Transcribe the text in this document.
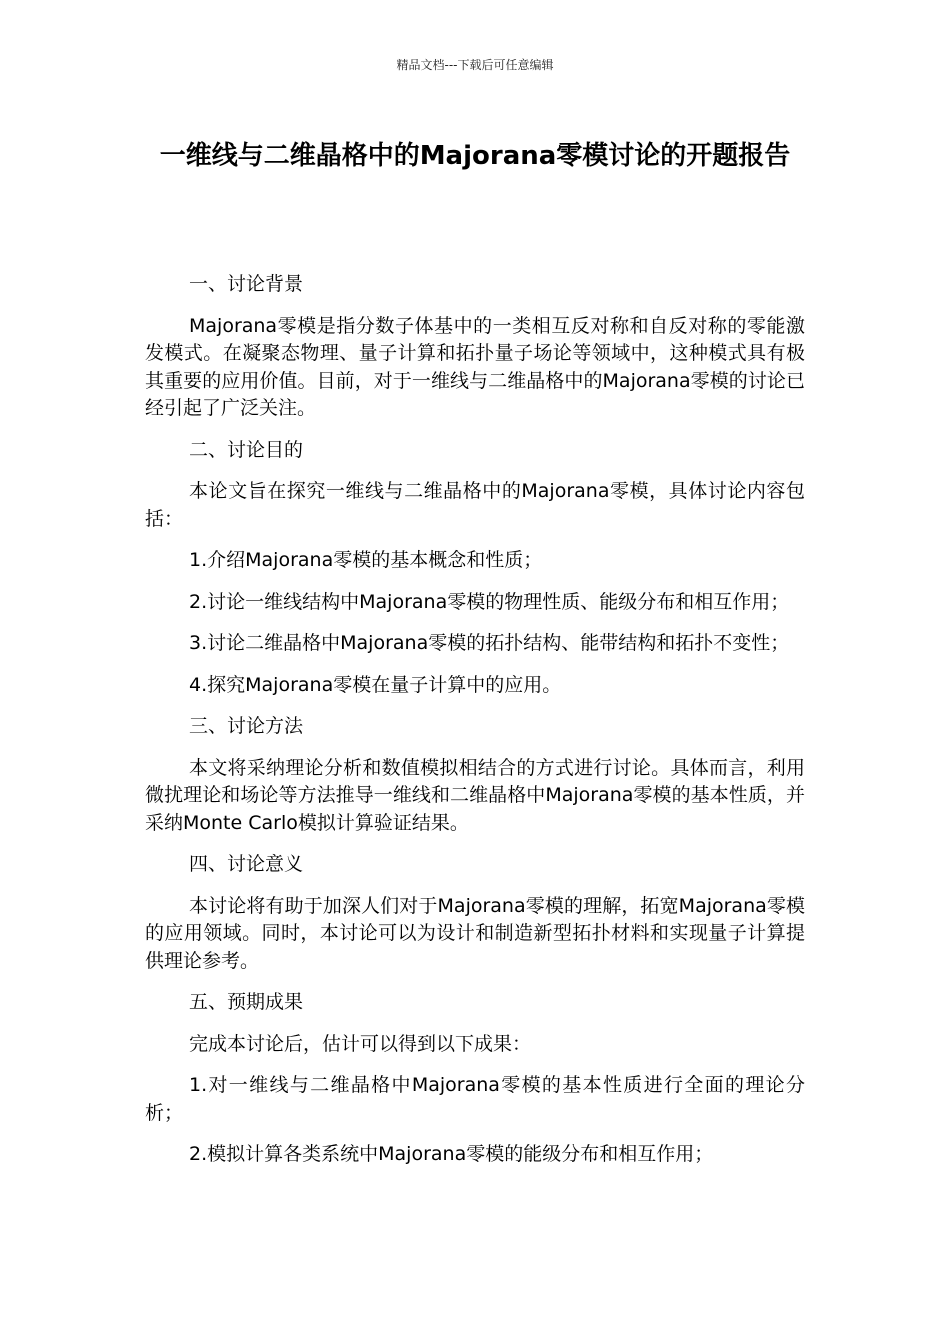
精品文档---下载后可任意编辑
一维线与二维晶格中的Majorana零模讨论的开题报告

一、讨论背景

Majorana零模是指分数子体基中的一类相互反对称和自反对称的零能激发模式。在凝聚态物理、量子计算和拓扑量子场论等领域中，这种模式具有极其重要的应用价值。目前，对于一维线与二维晶格中的Majorana零模的讨论已经引起了广泛关注。

二、讨论目的

本论文旨在探究一维线与二维晶格中的Majorana零模，具体讨论内容包括：

1.介绍Majorana零模的基本概念和性质；

2.讨论一维线结构中Majorana零模的物理性质、能级分布和相互作用；

3.讨论二维晶格中Majorana零模的拓扑结构、能带结构和拓扑不变性；

4.探究Majorana零模在量子计算中的应用。

三、讨论方法

本文将采纳理论分析和数值模拟相结合的方式进行讨论。具体而言，利用微扰理论和场论等方法推导一维线和二维晶格中Majorana零模的基本性质，并采纳Monte Carlo模拟计算验证结果。

四、讨论意义

本讨论将有助于加深人们对于Majorana零模的理解，拓宽Majorana零模的应用领域。同时，本讨论可以为设计和制造新型拓扑材料和实现量子计算提供理论参考。

五、预期成果

完成本讨论后，估计可以得到以下成果：

1.对一维线与二维晶格中Majorana零模的基本性质进行全面的理论分析；

2.模拟计算各类系统中Majorana零模的能级分布和相互作用；
